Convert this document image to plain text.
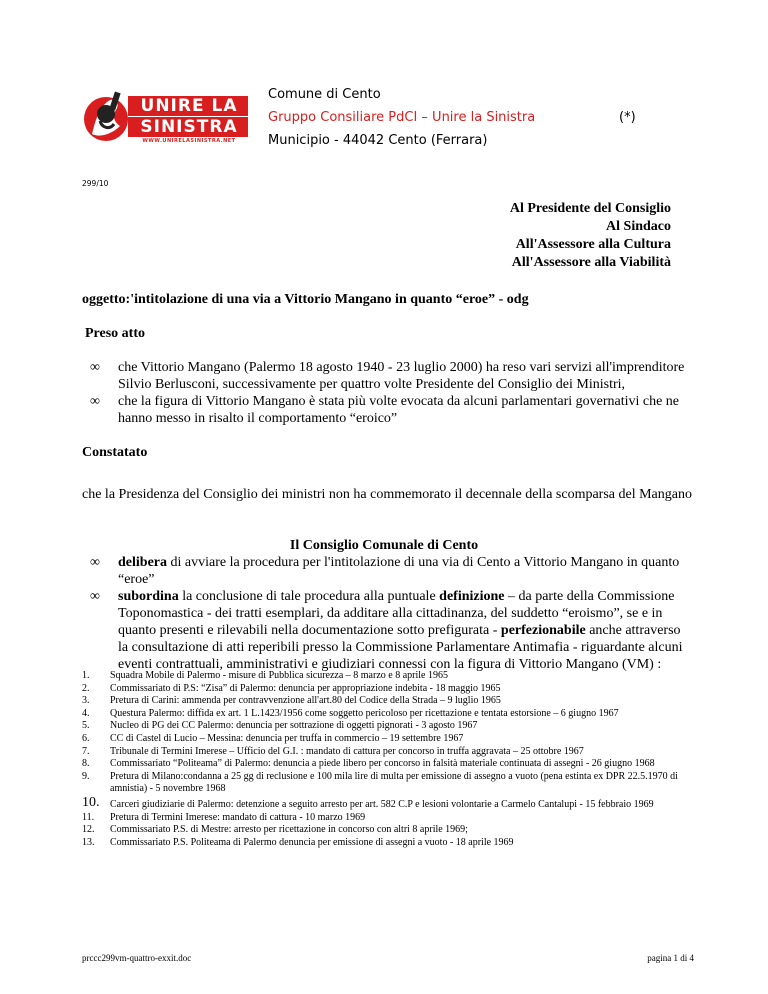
UNIRE LA
SINISTRA
WWW.UNIRELASINISTRA.NET
Comune di Cento
Gruppo Consiliare PdCI – Unire la Sinistra
Municipio - 44042 Cento (Ferrara)
(*)
299/10
Al Presidente del Consiglio
Al Sindaco
All'Assessore alla Cultura
All'Assessore alla Viabilità
oggetto:'intitolazione di una via a Vittorio Mangano in quanto “eroe” - odg
Preso atto
∞ che Vittorio Mangano (Palermo 18 agosto 1940 - 23 luglio 2000) ha reso vari servizi all'imprenditore Silvio Berlusconi, successivamente per quattro volte Presidente del Consiglio dei Ministri,
∞ che la figura di Vittorio Mangano è stata più volte evocata da alcuni parlamentari governativi che ne hanno messo in risalto il comportamento “eroico”
Constatato
che la Presidenza del Consiglio dei ministri non ha commemorato il decennale della scomparsa del Mangano
Il Consiglio Comunale di Cento
∞ delibera di avviare la procedura per l'intitolazione di una via di Cento a Vittorio Mangano in quanto “eroe”
∞ subordina la conclusione di tale procedura alla puntuale definizione – da parte della Commissione Toponomastica - dei tratti esemplari, da additare alla cittadinanza, del suddetto “eroismo”, se e in quanto presenti e rilevabili nella documentazione sotto prefigurata - perfezionabile anche attraverso la consultazione di atti reperibili presso la Commissione Parlamentare Antimafia - riguardante alcuni eventi contrattuali, amministrativi e giudiziari connessi con la figura di Vittorio Mangano (VM) :
1. Squadra Mobile di Palermo - misure di Pubblica sicurezza – 8 marzo e 8 aprile 1965
2. Commissariato di P.S: “Zisa” di Palermo: denuncia per appropriazione indebita - 18 maggio 1965
3. Pretura di Carini: ammenda per contravvenzione all'art.80 del Codice della Strada – 9 luglio 1965
4. Questura Palermo: diffida ex art. 1 L.1423/1956 come soggetto pericoloso per ricettazione e tentata estorsione – 6 giugno 1967
5. Nucleo di PG dei CC Palermo: denuncia per sottrazione di oggetti pignorati - 3 agosto 1967
6. CC di Castel di Lucio – Messina: denuncia per truffa in commercio – 19 settembre 1967
7. Tribunale di Termini Imerese – Ufficio del G.I. : mandato di cattura per concorso in truffa aggravata – 25 ottobre 1967
8. Commissariato “Politeama” di Palermo: denuncia a piede libero per concorso in falsità materiale continuata di assegni - 26 giugno 1968
9. Pretura di Milano:condanna a 25 gg di reclusione e 100 mila lire di multa per emissione di assegno a vuoto (pena estinta ex DPR 22.5.1970 di amnistia) - 5 novembre 1968
10. Carceri giudiziarie di Palermo: detenzione a seguito arresto per art. 582 C.P e lesioni volontarie a Carmelo Cantalupi - 15 febbraio 1969
11. Pretura di Termini Imerese: mandato di cattura - 10 marzo 1969
12. Commissariato P.S. di Mestre: arresto per ricettazione in concorso con altri 8 aprile 1969;
13. Commissariato P.S. Politeama di Palermo denuncia per emissione di assegni a vuoto - 18 aprile 1969
prccc299vm-quattro-exxit.doc	pagina 1 di 4
